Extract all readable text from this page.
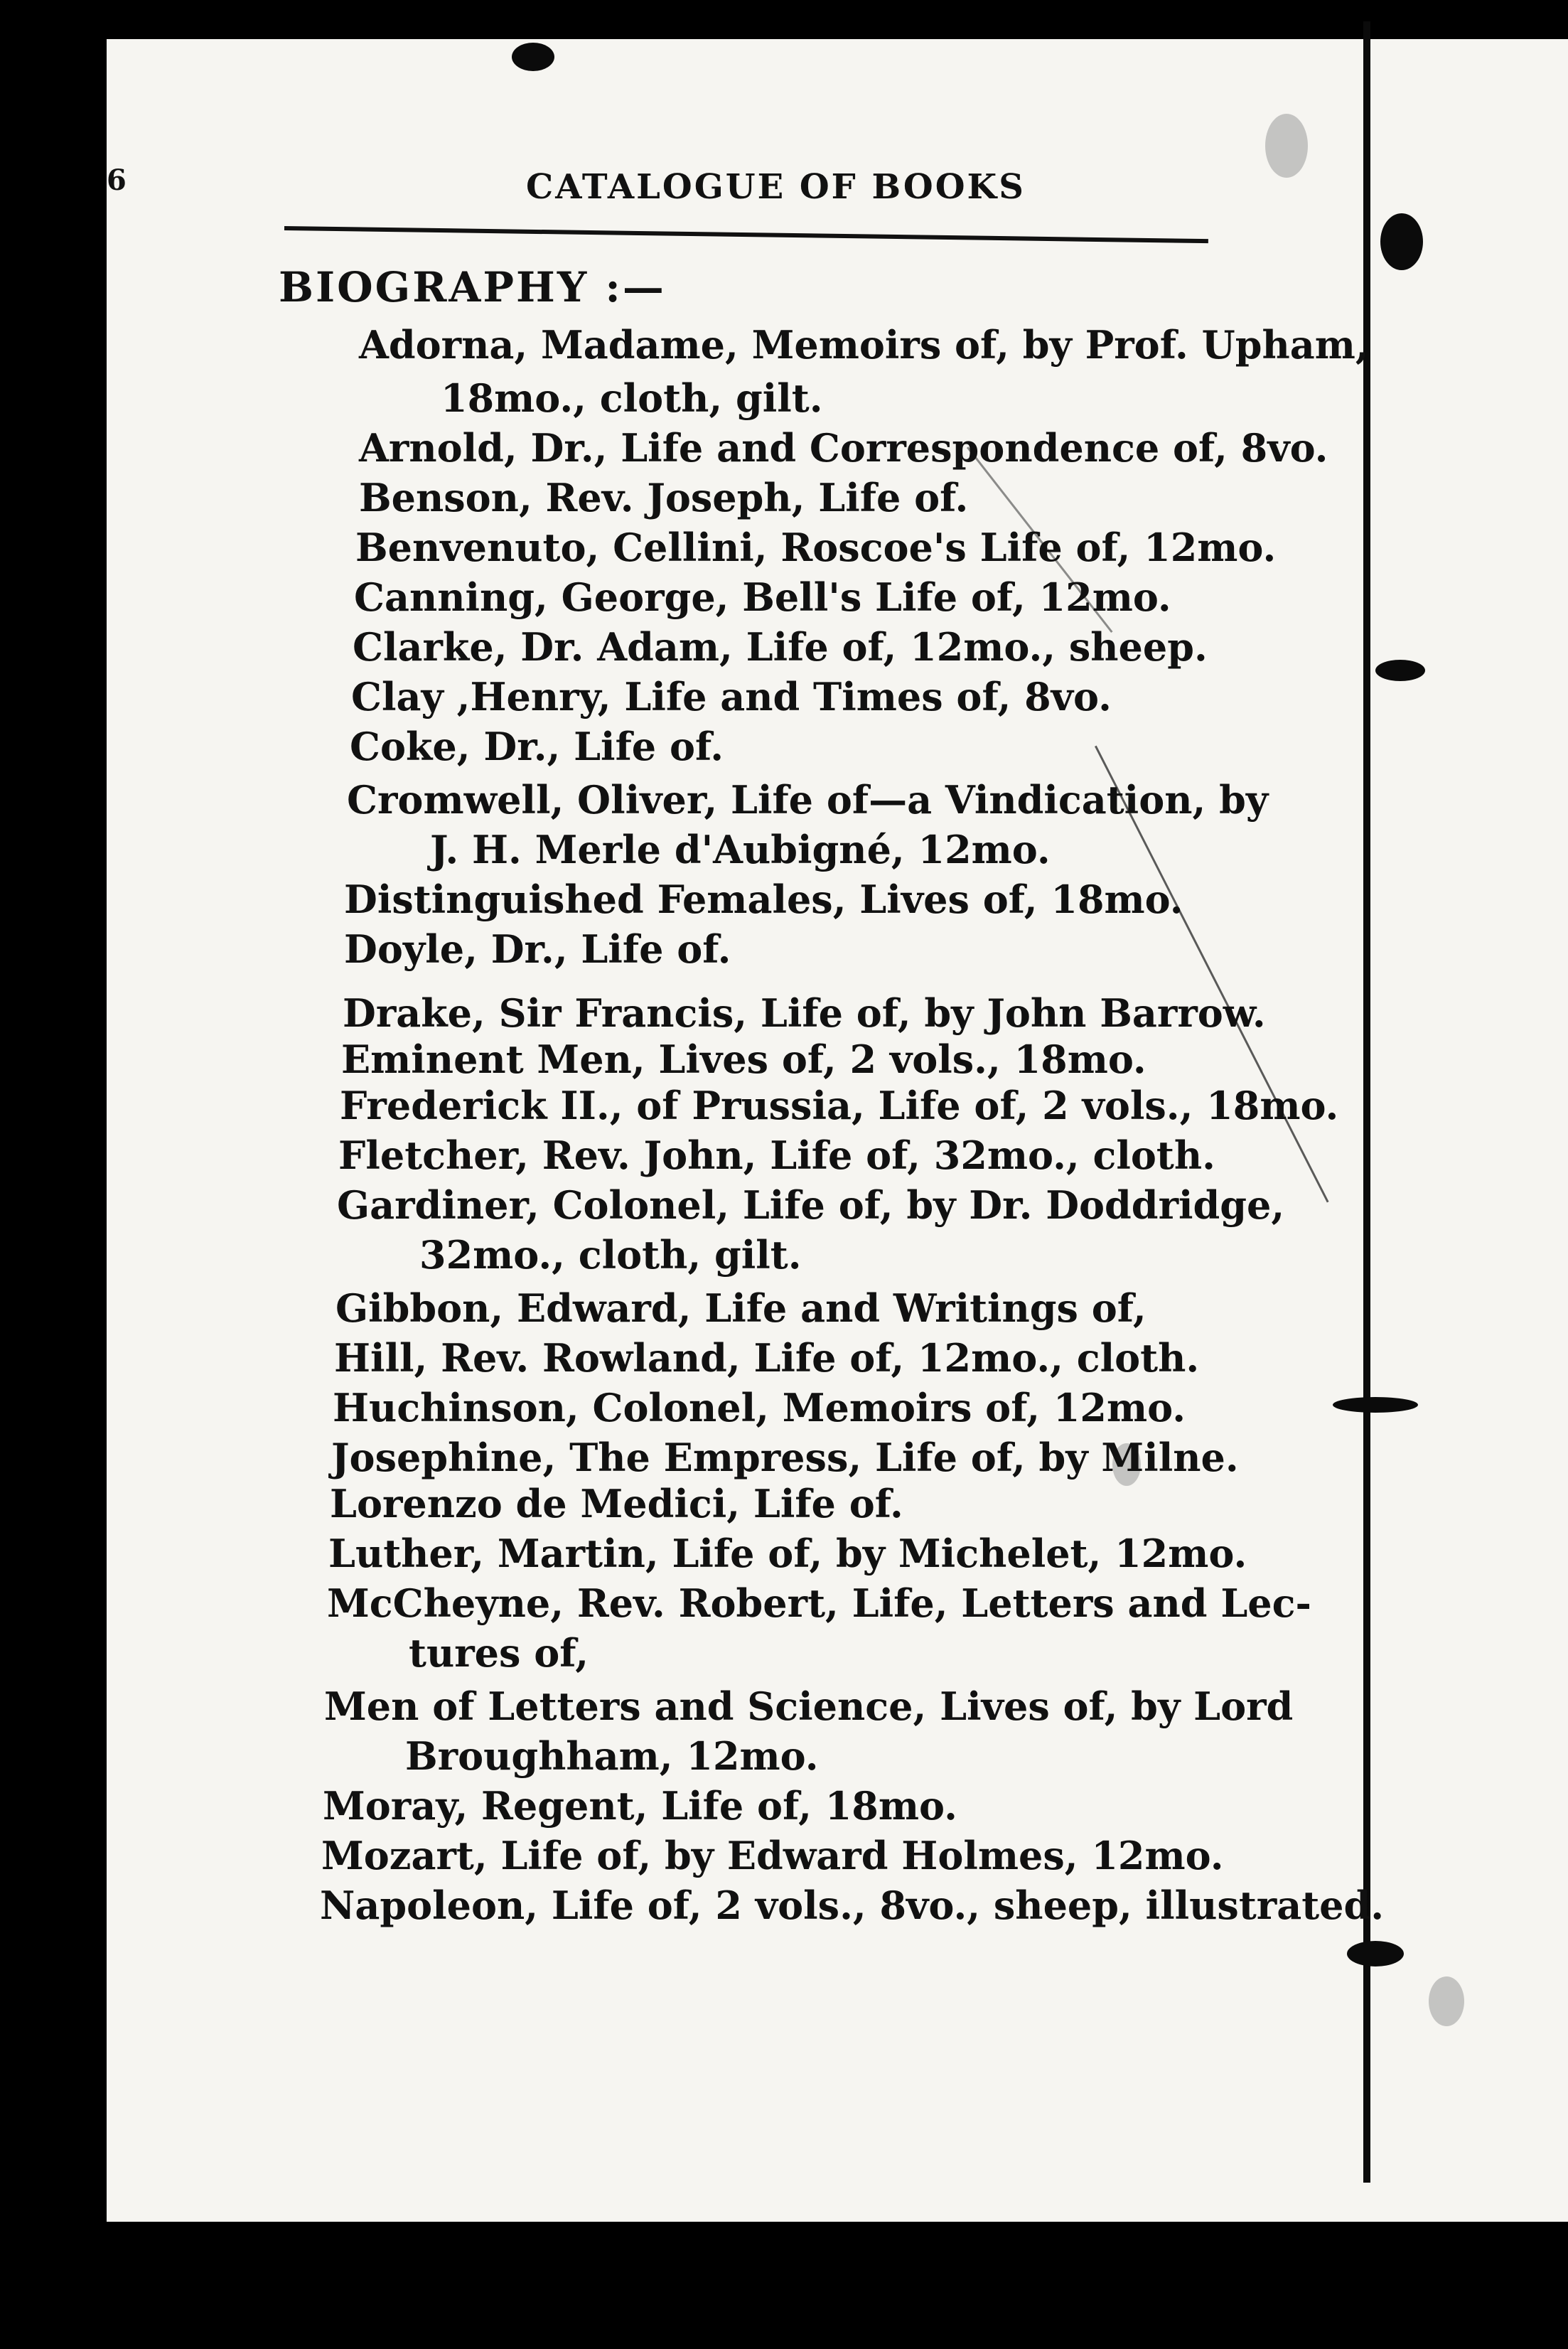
6	CATALOGUE OF BOOKS
BIOGRAPHY :—
Adorna, Madame, Memoirs of, by Prof. Upham,
18mo., cloth, gilt.
Arnold, Dr., Life and Correspondence of, 8vo.
Benson, Rev. Joseph, Life of.
Benvenuto, Cellini, Roscoe's Life of, 12mo.
Canning, George, Bell's Life of, 12mo.
Clarke, Dr. Adam, Life of, 12mo., sheep.
Clay ,Henry, Life and Times of, 8vo.
Coke, Dr., Life of.
Cromwell, Oliver, Life of—a Vindication, by
J. H. Merle d'Aubigné, 12mo.
Distinguished Females, Lives of, 18mo.
Doyle, Dr., Life of.
Drake, Sir Francis, Life of, by John Barrow.
Eminent Men, Lives of, 2 vols., 18mo.
Frederick II., of Prussia, Life of, 2 vols., 18mo.
Fletcher, Rev. John, Life of, 32mo., cloth.
Gardiner, Colonel, Life of, by Dr. Doddridge,
32mo., cloth, gilt.
Gibbon, Edward, Life and Writings of,
Hill, Rev. Rowland, Life of, 12mo., cloth.
Huchinson, Colonel, Memoirs of, 12mo.
Josephine, The Empress, Life of, by Milne.
Lorenzo de Medici, Life of.
Luther, Martin, Life of, by Michelet, 12mo.
McCheyne, Rev. Robert, Life, Letters and Lec-
tures of,
Men of Letters and Science, Lives of, by Lord
Broughham, 12mo.
Moray, Regent, Life of, 18mo.
Mozart, Life of, by Edward Holmes, 12mo.
Napoleon, Life of, 2 vols., 8vo., sheep, illustrated.
